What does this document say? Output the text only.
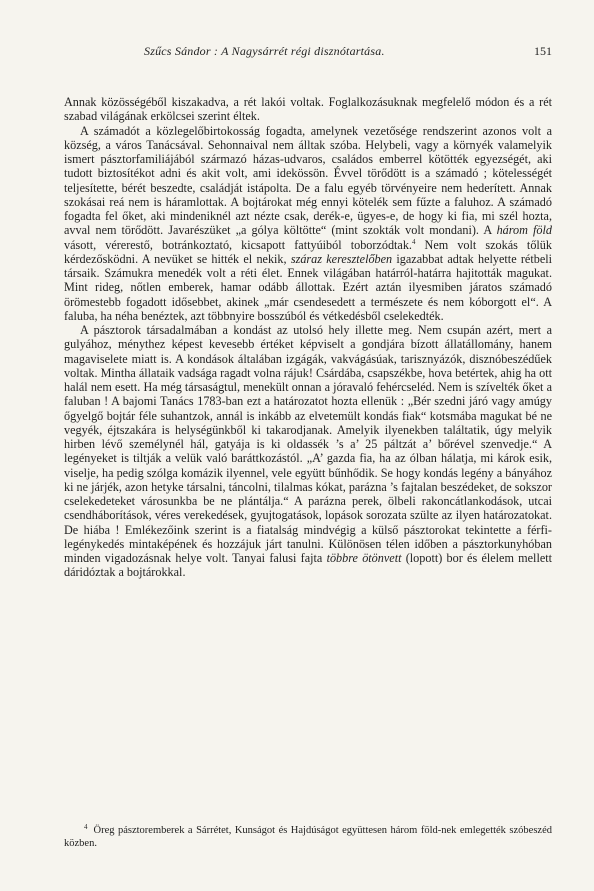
Szűcs Sándor : A Nagysárrét régi disznótartása.	151

Annak közösségéből kiszakadva, a rét lakói voltak. Foglalkozásuknak megfelelő módon és a rét szabad világának erkölcsei szerint éltek.

A számadót a közlegelőbirtokosság fogadta, amelynek vezetősége rendszerint azonos volt a község, a város Tanácsával. Sehonnaival nem álltak szóba. Helybeli, vagy a környék valamelyik ismert pásztorfamiliájából származó házas-udvaros, családos emberrel kötötték egyezségét, aki tudott biztosítékot adni és akit volt, ami idekössön. Évvel törődött is a számadó ; kötelességét teljesítette, bérét beszedte, családját istápolta. De a falu egyéb törvényeire nem hederített. Annak szokásai reá nem is háramlottak. A bojtárokat még ennyi kötelék sem fűzte a faluhoz. A számadó fogadta fel őket, aki mindeniknél azt nézte csak, derék-e, ügyes-e, de hogy ki fia, mi szél hozta, avval nem törődött. Javarészüket „a gólya költötte“ (mint szokták volt mondani). A három föld vásott, vérerestő, botránkoztató, kicsapott fattyúiból toborzódtak.$^4$ Nem volt szokás tőlük kérdezősködni. A nevüket se hitték el nekik, száraz keresztelőben igazabbat adtak helyette rétbeli társaik. Számukra menedék volt a réti élet. Ennek világában határról-határra hajitották magukat. Mint rideg, nőtlen emberek, hamar odább állottak. Ezért aztán ilyesmiben járatos számadó örömestebb fogadott idősebbet, akinek „már csendesedett a természete és nem kóborgott el“. A faluba, ha néha benéztek, azt többnyire bosszúból és vétkedésből cselekedték.

A pásztorok társadalmában a kondást az utolsó hely illette meg. Nem csupán azért, mert a gulyához, ménythez képest kevesebb értéket képviselt a gondjára bízott állatállomány, hanem magaviselete miatt is. A kondások általában izgágák, vakvágásúak, tarisznyázók, disznóbeszédűek voltak. Mintha állataik vadsága ragadt volna rájuk! Csárdába, csapszékbe, hova betértek, ahig ha ott halál nem esett. Ha még társaságtul, menekült onnan a jóravaló fehércseléd. Nem is szívelték őket a faluban ! A bajomi Tanács 1783-ban ezt a határozatot hozta ellenük : „Bér szedni járó vagy amúgy őgyelgő bojtár féle suhantzok, annál is inkább az elvetemült kondás fiak“ kotsmába magukat bé ne vegyék, éjtszakára is helységünkből ki takarodjanak. Amelyik ilyenekben találtatik, úgy melyik hirben lévő személynél hál, gatyája is ki oldassék ’s a’ 25 páltzát a’ bőrével szenvedje.“ A legényeket is tiltják a velük való baráttkozástól. „A’ gazda fia, ha az ólban hálatja, mi károk esik, viselje, ha pedig szólga komázik ilyennel, vele együtt bűnhődik. Se hogy kondás legény a bányához ki ne járjék, azon hetyke társalni, táncolni, tilalmas kókat, parázna ’s fajtalan beszédeket, de sokszor cselekedeteket városunkba be ne plántálja.“ A parázna perek, ölbeli rakoncátlankodások, utcai csendháborítások, véres verekedések, gyujtogatások, lopások sorozata szülte az ilyen határozatokat. De hiába ! Emlékezőink szerint is a fiatalság mindvégig a külső pásztorokat tekintette a férfi-legénykedés mintaképének és hozzájuk járt tanulni. Különösen télen időben a pásztorkunyhóban minden vigadozásnak helye volt. Tanyai falusi fajta többre ötönvett (lopott) bor és élelem mellett dáridóztak a bojtárokkal.

$^4$ Öreg pásztoremberek a Sárrétet, Kunságot és Hajdúságot együttesen három föld-nek emlegették szóbeszéd közben.
